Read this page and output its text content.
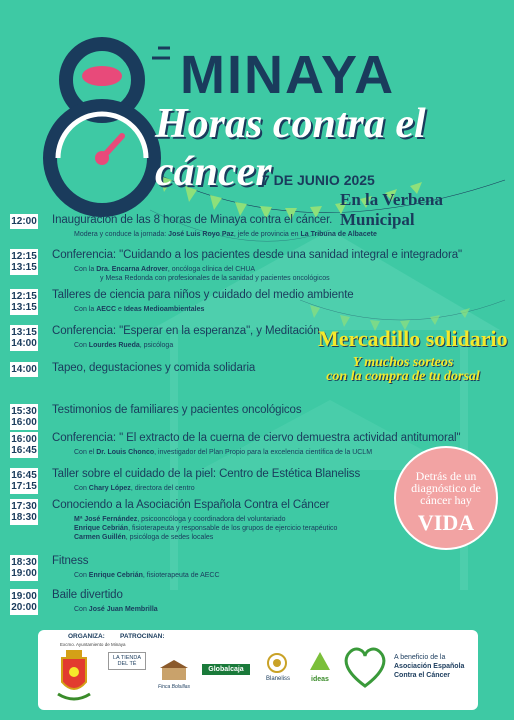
MINAYA
Horas contra el cáncer
7 DE JUNIO 2025
En la Verbena Municipal
12:00 Inauguración de las 8 horas de Minaya contra el cáncer.
Modera y conduce la jornada: José Luis Royo Paz, jefe de provincia en La Tribuna de Albacete
12:15
13:15
Conferencia: "Cuidando a los pacientes desde una sanidad integral e integradora"
Con la Dra. Encarna Adrover, oncóloga clínica del CHUA
y Mesa Redonda con profesionales de la sanidad y pacientes oncológicos
12:15
13:15
Talleres de ciencia para niños y cuidado del medio ambiente
Con la AECC e Ideas Medioambientales
13:15
14:00
Conferencia: "Esperar en la esperanza", y Meditación
Con Lourdes Rueda, psicóloga
14:00 Tapeo, degustaciones y comida solidaria
15:30
16:00
Testimonios de familiares y pacientes oncológicos
16:00
16:45
Conferencia: " El extracto de la cuerna de ciervo demuestra actividad antitumoral"
Con el Dr. Louis Chonco, investigador del Plan Propio para la excelencia científica de la UCLM
16:45
17:15
Taller sobre el cuidado de la piel: Centro de Estética Blaneliss
Con Chary López, directora del centro
17:30
18:30
Conociendo a la Asociación Española Contra el Cáncer
Mª José Fernández, psicooncóloga y coordinadora del voluntariado
Enrique Cebrián, fisioterapeuta y responsable de los grupos de ejercicio terapéutico
Carmen Guillén, psicóloga de sedes locales
18:30
19:00
Fitness
Con Enrique Cebrián, fisioterapeuta de AECC
19:00
20:00
Baile divertido
Con José Juan Membrilla
Mercadillo solidario
Y muchos sorteos
con la compra de tu dorsal
Detrás de un
diagnóstico de
cáncer hay
VIDA
ORGANIZA:
Excmo. Ayuntamiento de Minaya
PATROCINAN:
LA TIENDA DEL TÉ
Finca Bolsillas
Globalcaja
Blaneliss	ideas
A beneficio de la
Asociación Española
Contra el Cáncer
